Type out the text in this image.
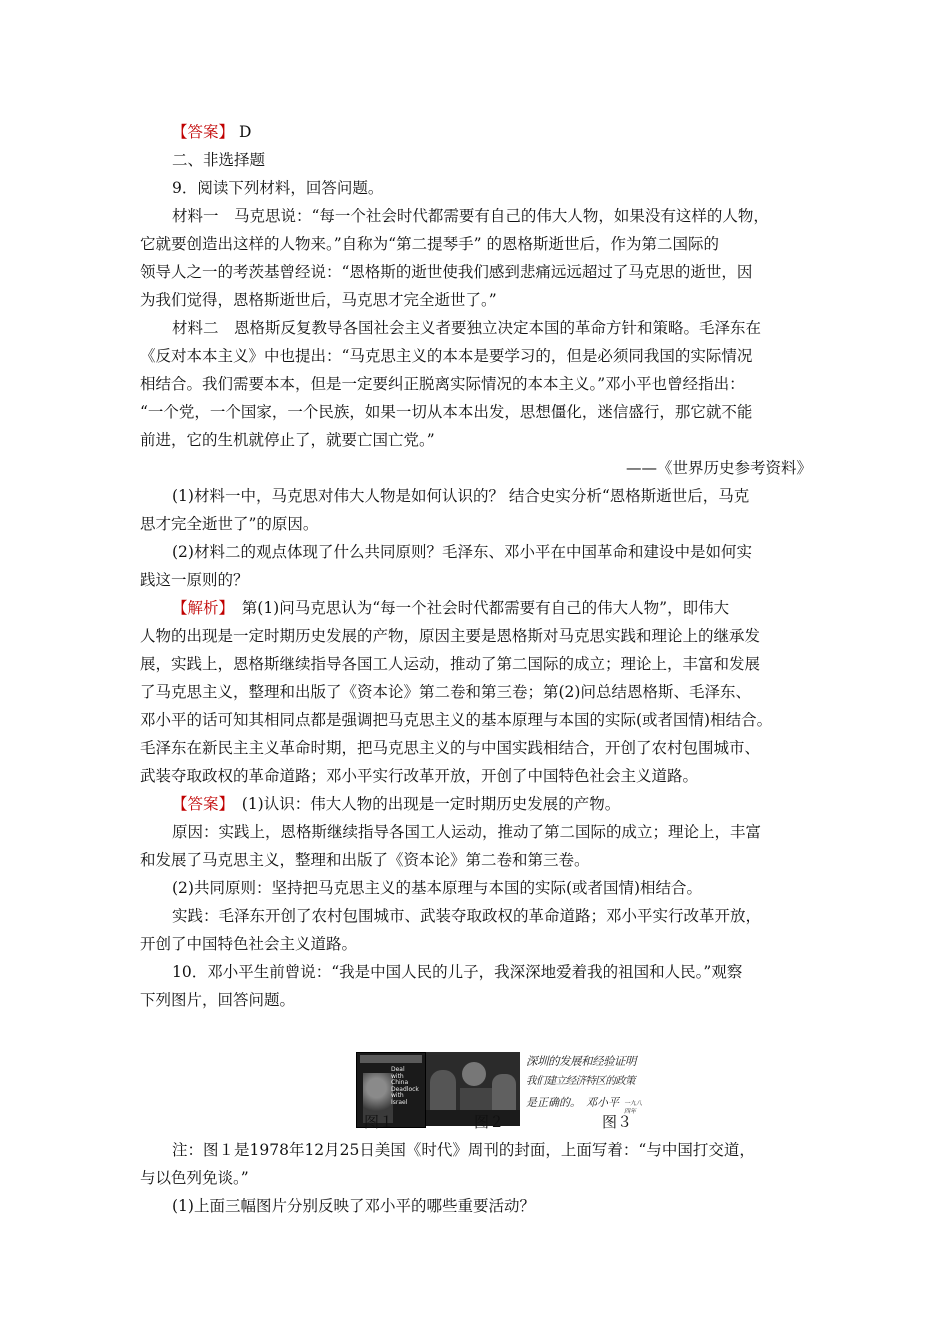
【答案】 D
二、非选择题
9．阅读下列材料，回答问题。
材料一　马克思说：“每一个社会时代都需要有自己的伟大人物，如果没有这样的人物，
它就要创造出这样的人物来。”自称为“第二提琴手” 的恩格斯逝世后，作为第二国际的
领导人之一的考茨基曾经说：“恩格斯的逝世使我们感到悲痛远远超过了马克思的逝世，因
为我们觉得，恩格斯逝世后，马克思才完全逝世了。”
材料二　恩格斯反复教导各国社会主义者要独立决定本国的革命方针和策略。毛泽东在
《反对本本主义》中也提出：“马克思主义的本本是要学习的，但是必须同我国的实际情况
相结合。我们需要本本，但是一定要纠正脱离实际情况的本本主义。”邓小平也曾经指出：
“一个党，一个国家，一个民族，如果一切从本本出发，思想僵化，迷信盛行，那它就不能
前进，它的生机就停止了，就要亡国亡党。”
——《世界历史参考资料》
(1)材料一中，马克思对伟大人物是如何认识的？ 结合史实分析“恩格斯逝世后，马克
思才完全逝世了”的原因。
(2)材料二的观点体现了什么共同原则？毛泽东、邓小平在中国革命和建设中是如何实
践这一原则的？
【解析】　第(1)问马克思认为“每一个社会时代都需要有自己的伟大人物”，即伟大
人物的出现是一定时期历史发展的产物，原因主要是恩格斯对马克思实践和理论上的继承发
展，实践上，恩格斯继续指导各国工人运动，推动了第二国际的成立；理论上，丰富和发展
了马克思主义，整理和出版了《资本论》第二卷和第三卷；第(2)问总结恩格斯、毛泽东、
邓小平的话可知其相同点都是强调把马克思主义的基本原理与本国的实际(或者国情)相结合。
毛泽东在新民主主义革命时期，把马克思主义的与中国实践相结合，开创了农村包围城市、
武装夺取政权的革命道路；邓小平实行改革开放，开创了中国特色社会主义道路。
【答案】　(1)认识：伟大人物的出现是一定时期历史发展的产物。
原因：实践上，恩格斯继续指导各国工人运动，推动了第二国际的成立；理论上，丰富
和发展了马克思主义，整理和出版了《资本论》第二卷和第三卷。
(2)共同原则：坚持把马克思主义的基本原理与本国的实际(或者国情)相结合。
实践：毛泽东开创了农村包围城市、武装夺取政权的革命道路；邓小平实行改革开放，
开创了中国特色社会主义道路。
10．邓小平生前曾说：“我是中国人民的儿子，我深深地爱着我的祖国和人民。”观察
下列图片，回答问题。
Deal
with
China
Deadlock
with
Israel
深圳的发展和经验证明
我们建立经济特区的政策
是正确的。 邓小平 一九八四年
图１	图２	图３
注：图１是1978年12月25日美国《时代》周刊的封面，上面写着：“与中国打交道，
与以色列免谈。”
(1)上面三幅图片分别反映了邓小平的哪些重要活动？
